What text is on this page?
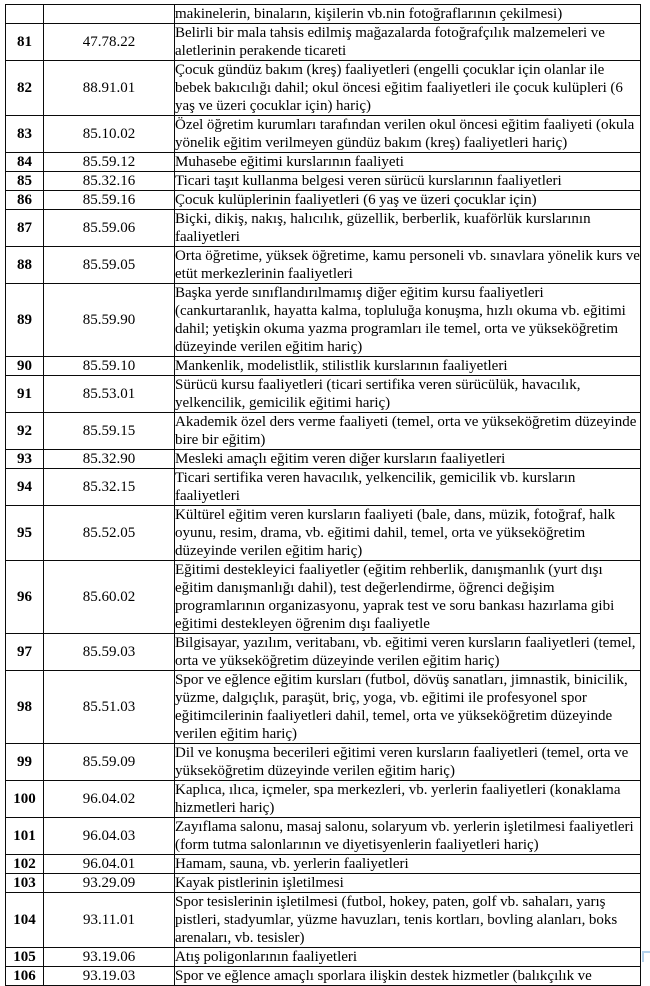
		makinelerin, binaların, kişilerin vb.nin fotoğraflarının çekilmesi)
81	47.78.22	Belirli bir mala tahsis edilmiş mağazalarda fotoğrafçılık malzemeleri ve aletlerinin perakende ticareti
82	88.91.01	Çocuk gündüz bakım (kreş) faaliyetleri (engelli çocuklar için olanlar ile bebek bakıcılığı dahil; okul öncesi eğitim faaliyetleri ile çocuk kulüpleri (6 yaş ve üzeri çocuklar için) hariç)
83	85.10.02	Özel öğretim kurumları tarafından verilen okul öncesi eğitim faaliyeti (okula yönelik eğitim verilmeyen gündüz bakım (kreş) faaliyetleri hariç)
84	85.59.12	Muhasebe eğitimi kurslarının faaliyeti
85	85.32.16	Ticari taşıt kullanma belgesi veren sürücü kurslarının faaliyetleri
86	85.59.16	Çocuk kulüplerinin faaliyetleri (6 yaş ve üzeri çocuklar için)
87	85.59.06	Biçki, dikiş, nakış, halıcılık, güzellik, berberlik, kuaförlük kurslarının faaliyetleri
88	85.59.05	Orta öğretime, yüksek öğretime, kamu personeli vb. sınavlara yönelik kurs ve etüt merkezlerinin faaliyetleri
89	85.59.90	Başka yerde sınıflandırılmamış diğer eğitim kursu faaliyetleri (cankurtaranlık, hayatta kalma, topluluğa konuşma, hızlı okuma vb. eğitimi dahil; yetişkin okuma yazma programları ile temel, orta ve yükseköğretim düzeyinde verilen eğitim hariç)
90	85.59.10	Mankenlik, modelistlik, stilistlik kurslarının faaliyetleri
91	85.53.01	Sürücü kursu faaliyetleri (ticari sertifika veren sürücülük, havacılık, yelkencilik, gemicilik eğitimi hariç)
92	85.59.15	Akademik özel ders verme faaliyeti (temel, orta ve yükseköğretim düzeyinde bire bir eğitim)
93	85.32.90	Mesleki amaçlı eğitim veren diğer kursların faaliyetleri
94	85.32.15	Ticari sertifika veren havacılık, yelkencilik, gemicilik vb. kursların faaliyetleri
95	85.52.05	Kültürel eğitim veren kursların faaliyeti (bale, dans, müzik, fotoğraf, halk oyunu, resim, drama, vb. eğitimi dahil, temel, orta ve yükseköğretim düzeyinde verilen eğitim hariç)
96	85.60.02	Eğitimi destekleyici faaliyetler (eğitim rehberlik, danışmanlık (yurt dışı eğitim danışmanlığı dahil), test değerlendirme, öğrenci değişim programlarının organizasyonu, yaprak test ve soru bankası hazırlama gibi eğitimi destekleyen öğrenim dışı faaliyetle
97	85.59.03	Bilgisayar, yazılım, veritabanı, vb. eğitimi veren kursların faaliyetleri (temel, orta ve yükseköğretim düzeyinde verilen eğitim hariç)
98	85.51.03	Spor ve eğlence eğitim kursları (futbol, dövüş sanatları, jimnastik, binicilik, yüzme, dalgıçlık, paraşüt, briç, yoga, vb. eğitimi ile profesyonel spor eğitimcilerinin faaliyetleri dahil, temel, orta ve yükseköğretim düzeyinde verilen eğitim hariç)
99	85.59.09	Dil ve konuşma becerileri eğitimi veren kursların faaliyetleri (temel, orta ve yükseköğretim düzeyinde verilen eğitim hariç)
100	96.04.02	Kaplıca, ılıca, içmeler, spa merkezleri, vb. yerlerin faaliyetleri (konaklama hizmetleri hariç)
101	96.04.03	Zayıflama salonu, masaj salonu, solaryum vb. yerlerin işletilmesi faaliyetleri (form tutma salonlarının ve diyetisyenlerin faaliyetleri hariç)
102	96.04.01	Hamam, sauna, vb. yerlerin faaliyetleri
103	93.29.09	Kayak pistlerinin işletilmesi
104	93.11.01	Spor tesislerinin işletilmesi (futbol, hokey, paten, golf vb. sahaları, yarış pistleri, stadyumlar, yüzme havuzları, tenis kortları, bovling alanları, boks arenaları, vb. tesisler)
105	93.19.06	Atış poligonlarının faaliyetleri
106	93.19.03	Spor ve eğlence amaçlı sporlara ilişkin destek hizmetler (balıkçılık ve
